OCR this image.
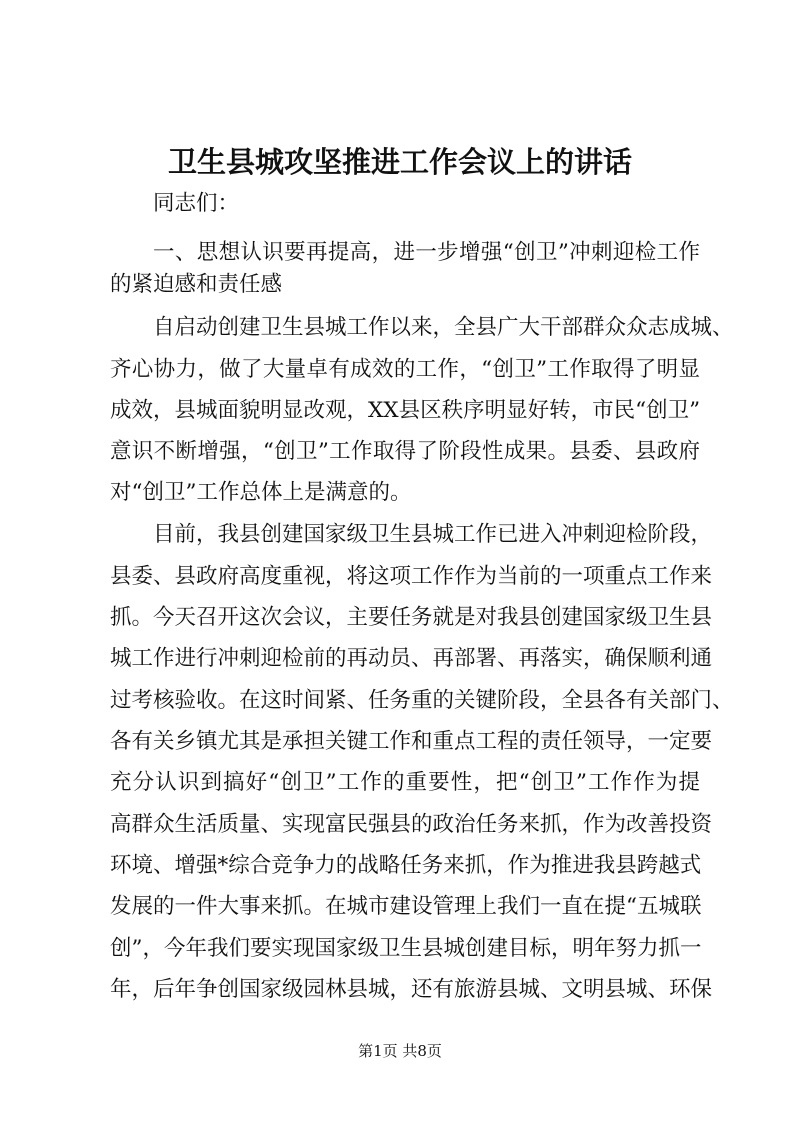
卫生县城攻坚推进工作会议上的讲话
同志们：
一、思想认识要再提高，进一步增强“创卫”冲刺迎检工作
的紧迫感和责任感
自启动创建卫生县城工作以来，全县广大干部群众众志成城、
齐心协力，做了大量卓有成效的工作，“创卫”工作取得了明显
成效，县城面貌明显改观，XX县区秩序明显好转，市民“创卫”
意识不断增强，“创卫”工作取得了阶段性成果。县委、县政府
对“创卫”工作总体上是满意的。
目前，我县创建国家级卫生县城工作已进入冲刺迎检阶段，
县委、县政府高度重视，将这项工作作为当前的一项重点工作来
抓。今天召开这次会议，主要任务就是对我县创建国家级卫生县
城工作进行冲刺迎检前的再动员、再部署、再落实，确保顺利通
过考核验收。在这时间紧、任务重的关键阶段，全县各有关部门、
各有关乡镇尤其是承担关键工作和重点工程的责任领导，一定要
充分认识到搞好“创卫”工作的重要性，把“创卫”工作作为提
高群众生活质量、实现富民强县的政治任务来抓，作为改善投资
环境、增强*综合竞争力的战略任务来抓，作为推进我县跨越式
发展的一件大事来抓。在城市建设管理上我们一直在提“五城联
创”，今年我们要实现国家级卫生县城创建目标，明年努力抓一
年，后年争创国家级园林县城，还有旅游县城、文明县城、环保
第1页 共8页
